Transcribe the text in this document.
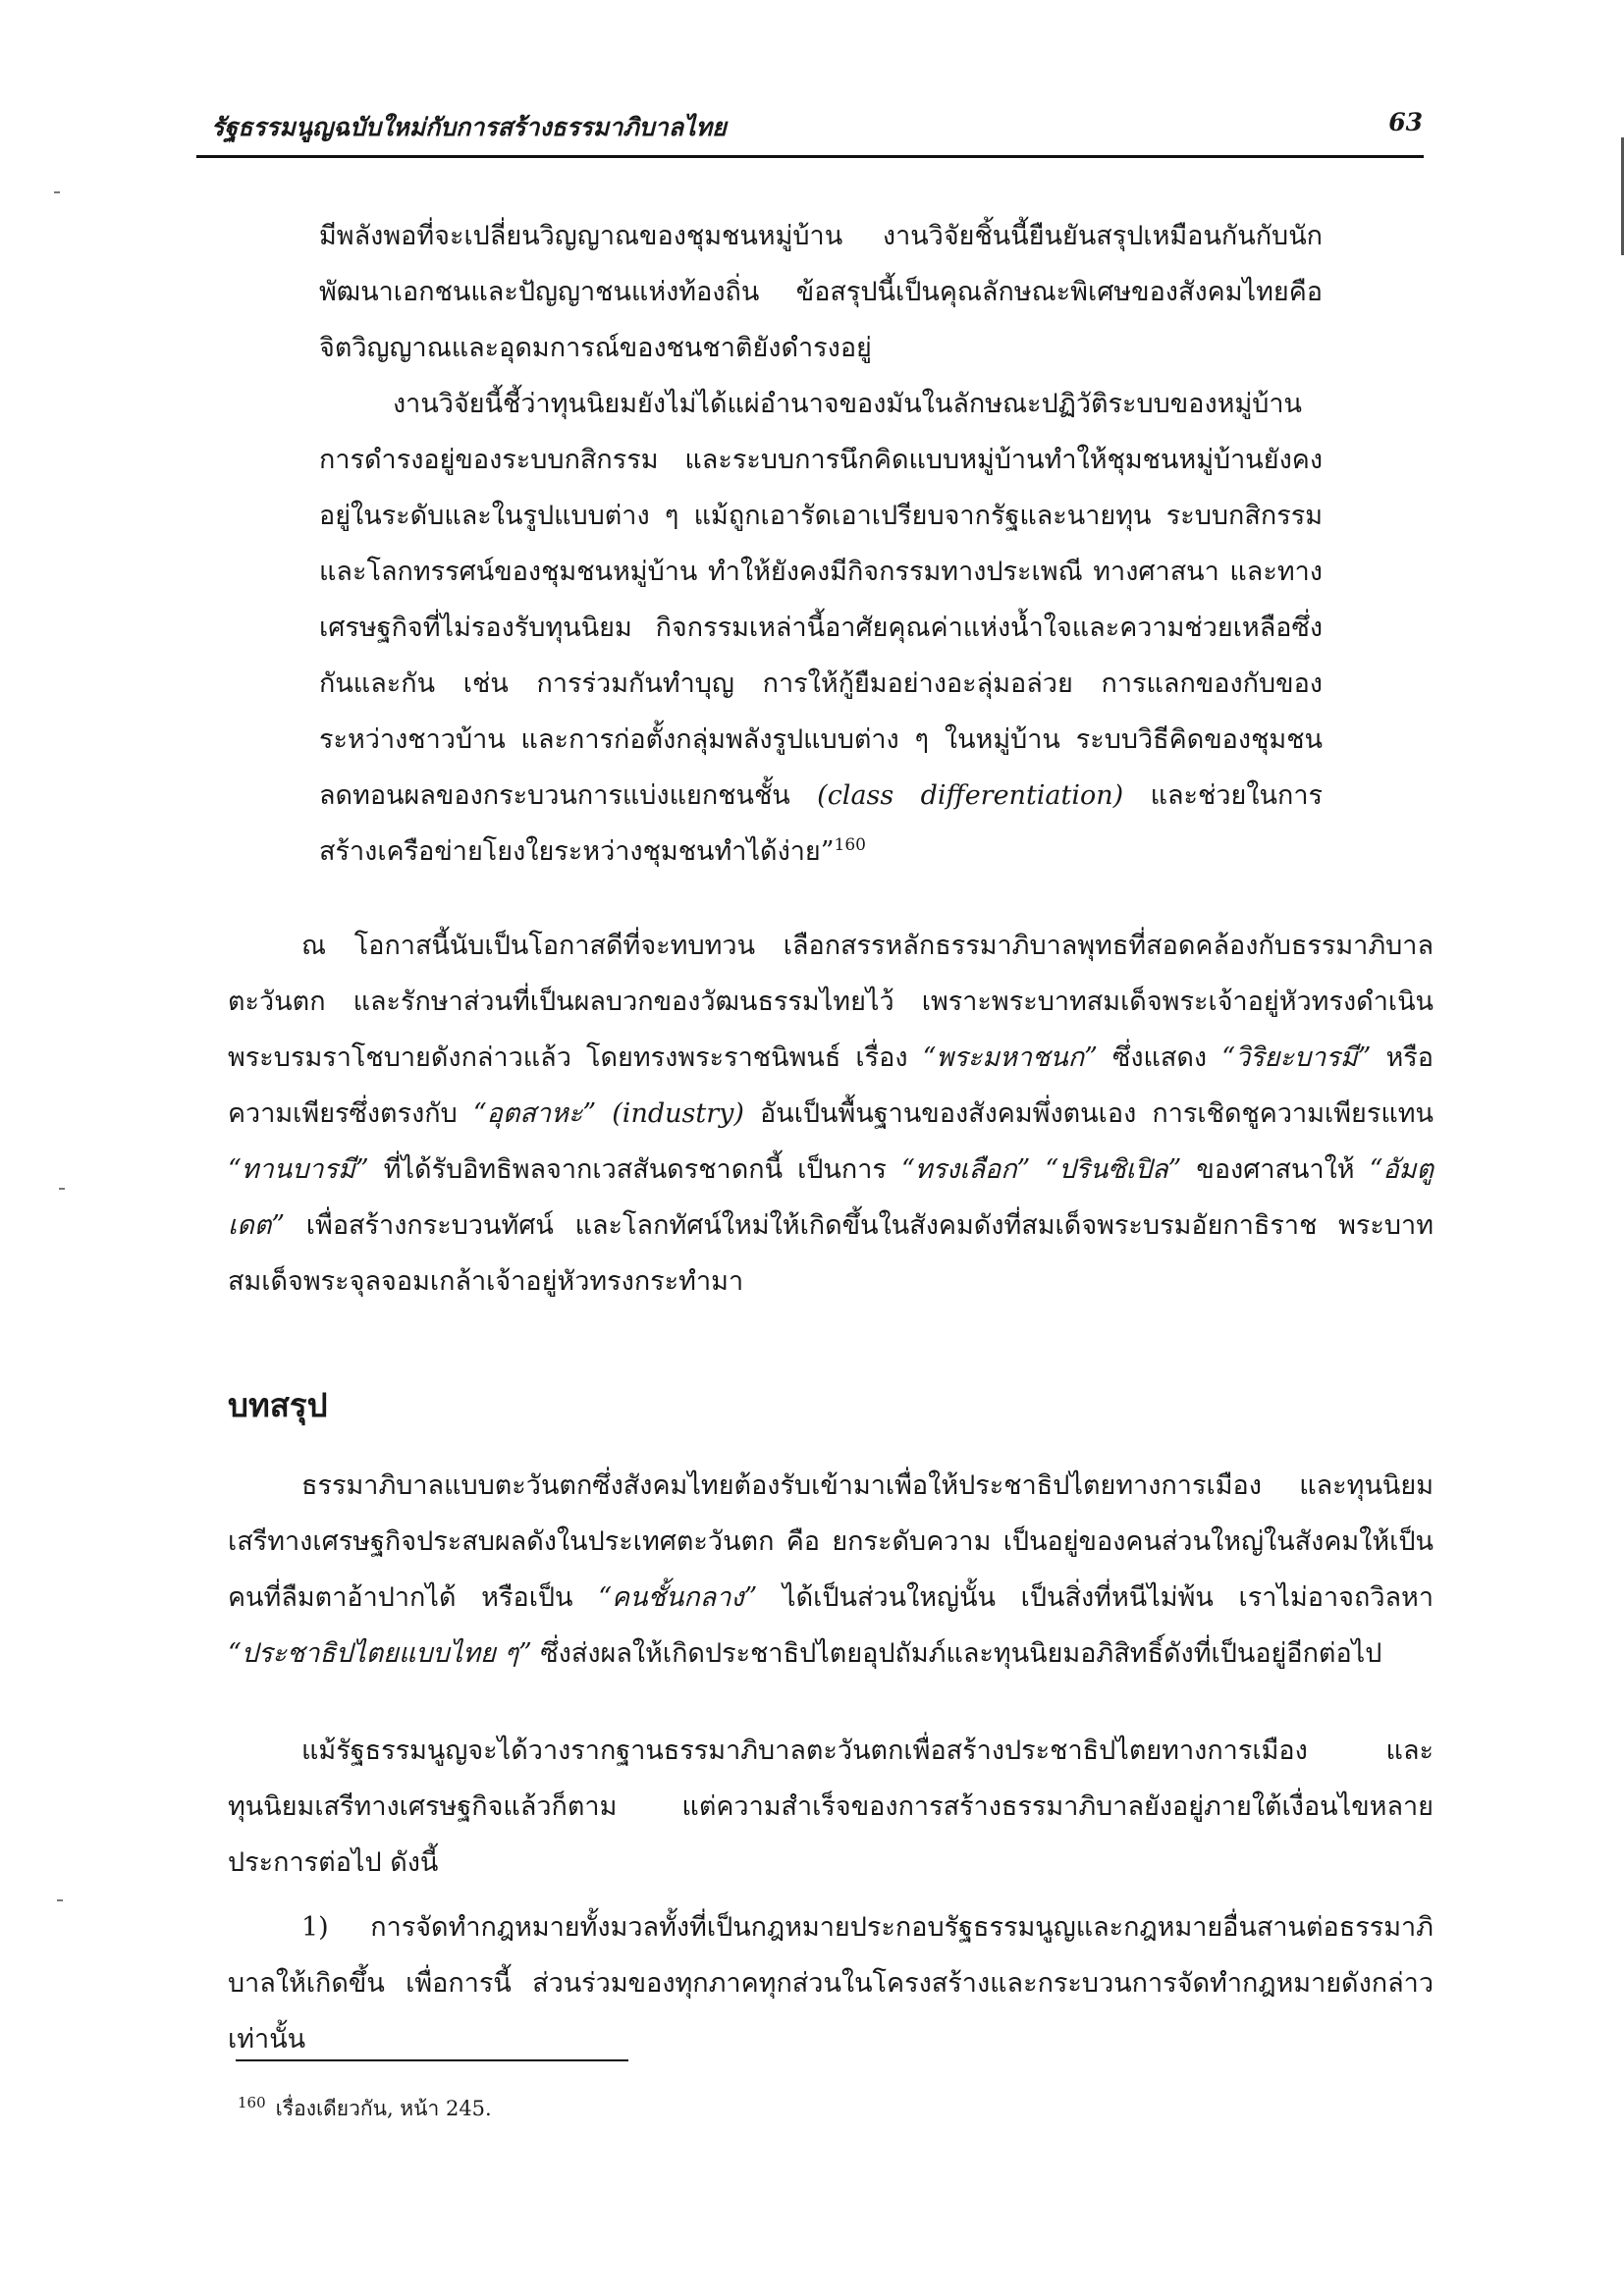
รัฐธรรมนูญฉบับใหม่กับการสร้างธรรมาภิบาลไทย	63

มีพลังพอที่จะเปลี่ยนวิญญาณของชุมชนหมู่บ้าน งานวิจัยชิ้นนี้ยืนยันสรุปเหมือนกันกับนักพัฒนาเอกชนและปัญญาชนแห่งท้องถิ่น ข้อสรุปนี้เป็นคุณลักษณะพิเศษของสังคมไทยคือจิตวิญญาณและอุดมการณ์ของชนชาติยังดำรงอยู่

งานวิจัยนี้ชี้ว่าทุนนิยมยังไม่ได้แผ่อำนาจของมันในลักษณะปฏิวัติระบบของหมู่บ้าน การดำรงอยู่ของระบบกสิกรรม และระบบการนึกคิดแบบหมู่บ้านทำให้ชุมชนหมู่บ้านยังคงอยู่ในระดับและในรูปแบบต่าง ๆ แม้ถูกเอารัดเอาเปรียบจากรัฐและนายทุน ระบบกสิกรรมและโลกทรรศน์ของชุมชนหมู่บ้าน ทำให้ยังคงมีกิจกรรมทางประเพณี ทางศาสนา และทางเศรษฐกิจที่ไม่รองรับทุนนิยม กิจกรรมเหล่านี้อาศัยคุณค่าแห่งน้ำใจและความช่วยเหลือซึ่งกันและกัน เช่น การร่วมกันทำบุญ การให้กู้ยืมอย่างอะลุ่มอล่วย การแลกของกับของระหว่างชาวบ้าน และการก่อตั้งกลุ่มพลังรูปแบบต่าง ๆ ในหมู่บ้าน ระบบวิธีคิดของชุมชนลดทอนผลของกระบวนการแบ่งแยกชนชั้น (class differentiation) และช่วยในการสร้างเครือข่ายโยงใยระหว่างชุมชนทำได้ง่าย”$^{160}$

ณ โอกาสนี้นับเป็นโอกาสดีที่จะทบทวน เลือกสรรหลักธรรมาภิบาลพุทธที่สอดคล้องกับธรรมาภิบาลตะวันตก และรักษาส่วนที่เป็นผลบวกของวัฒนธรรมไทยไว้ เพราะพระบาทสมเด็จพระเจ้าอยู่หัวทรงดำเนินพระบรมราโชบายดังกล่าวแล้ว โดยทรงพระราชนิพนธ์ เรื่อง “พระมหาชนก” ซึ่งแสดง “วิริยะบารมี” หรือความเพียรซึ่งตรงกับ “อุตสาหะ” (industry) อันเป็นพื้นฐานของสังคมพึ่งตนเอง การเชิดชูความเพียรแทน “ทานบารมี” ที่ได้รับอิทธิพลจากเวสสันดรชาดกนี้ เป็นการ “ทรงเลือก” “ปรินซิเปิล” ของศาสนาให้ “อัมตูเดต” เพื่อสร้างกระบวนทัศน์ และโลกทัศน์ใหม่ให้เกิดขึ้นในสังคมดังที่สมเด็จพระบรมอัยกาธิราช พระบาทสมเด็จพระจุลจอมเกล้าเจ้าอยู่หัวทรงกระทำมา
บทสรุป
ธรรมาภิบาลแบบตะวันตกซึ่งสังคมไทยต้องรับเข้ามาเพื่อให้ประชาธิปไตยทางการเมือง และทุนนิยมเสรีทางเศรษฐกิจประสบผลดังในประเทศตะวันตก คือ ยกระดับความ เป็นอยู่ของคนส่วนใหญ่ในสังคมให้เป็นคนที่ลืมตาอ้าปากได้ หรือเป็น “คนชั้นกลาง” ได้เป็นส่วนใหญ่นั้น เป็นสิ่งที่หนีไม่พ้น เราไม่อาจถวิลหา “ประชาธิปไตยแบบไทย ๆ” ซึ่งส่งผลให้เกิดประชาธิปไตยอุปถัมภ์และทุนนิยมอภิสิทธิ์ดังที่เป็นอยู่อีกต่อไป
แม้รัฐธรรมนูญจะได้วางรากฐานธรรมาภิบาลตะวันตกเพื่อสร้างประชาธิปไตยทางการเมือง และทุนนิยมเสรีทางเศรษฐกิจแล้วก็ตาม แต่ความสำเร็จของการสร้างธรรมาภิบาลยังอยู่ภายใต้เงื่อนไขหลายประการต่อไป ดังนี้
1) การจัดทำกฎหมายทั้งมวลทั้งที่เป็นกฎหมายประกอบรัฐธรรมนูญและกฎหมายอื่นสานต่อธรรมาภิบาลให้เกิดขึ้น เพื่อการนี้ ส่วนร่วมของทุกภาคทุกส่วนในโครงสร้างและกระบวนการจัดทำกฎหมายดังกล่าวเท่านั้น
$^{160}$ เรื่องเดียวกัน, หน้า 245.
